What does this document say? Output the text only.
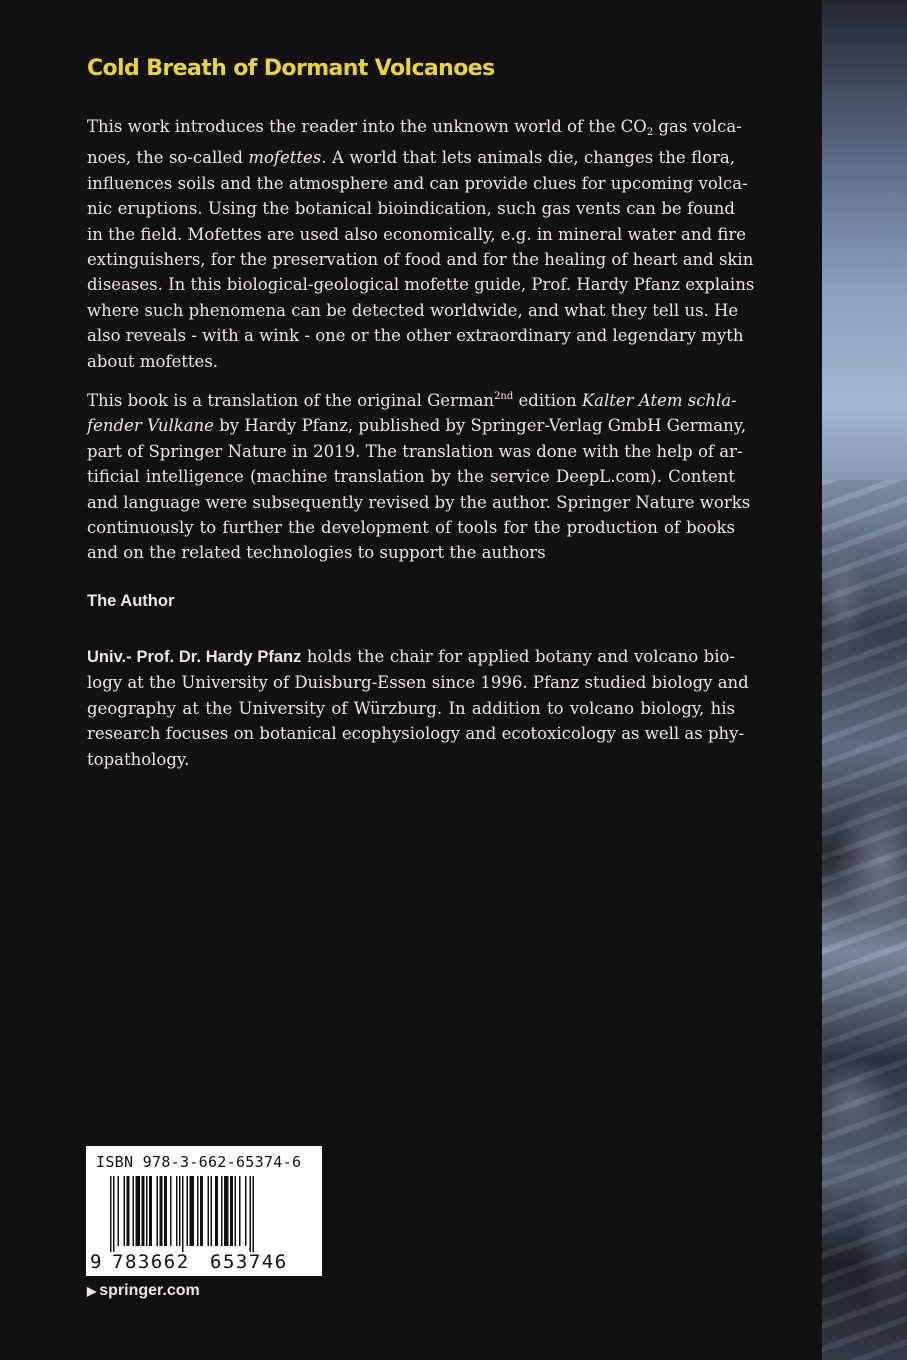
Cold Breath of Dormant Volcanoes
This work introduces the reader into the unknown world of the $CO_2$ gas volca-
noes, the so-called mofettes. A world that lets animals die, changes the flora,
influences soils and the atmosphere and can provide clues for upcoming volca-
nic eruptions. Using the botanical bioindication, such gas vents can be found
in the field. Mofettes are used also economically, e.g. in mineral water and fire
extinguishers, for the preservation of food and for the healing of heart and skin
diseases. In this biological-geological mofette guide, Prof. Hardy Pfanz explains
where such phenomena can be detected worldwide, and what they tell us. He
also reveals - with a wink - one or the other extraordinary and legendary myth
about mofettes.
This book is a translation of the original German$^{2nd}$ edition Kalter Atem schla-
fender Vulkane by Hardy Pfanz, published by Springer-Verlag GmbH Germany,
part of Springer Nature in 2019. The translation was done with the help of ar-
tificial intelligence (machine translation by the service DeepL.com). Content
and language were subsequently revised by the author. Springer Nature works
continuously to further the development of tools for the production of books
and on the related technologies to support the authors
The Author
Univ.- Prof. Dr. Hardy Pfanz holds the chair for applied botany and volcano bio-
logy at the University of Duisburg-Essen since 1996. Pfanz studied biology and
geography at the University of Würzburg. In addition to volcano biology, his
research focuses on botanical ecophysiology and ecotoxicology as well as phy-
topathology.
ISBN 978-3-662-65374-6
9 783662 653746
▶ springer.com
